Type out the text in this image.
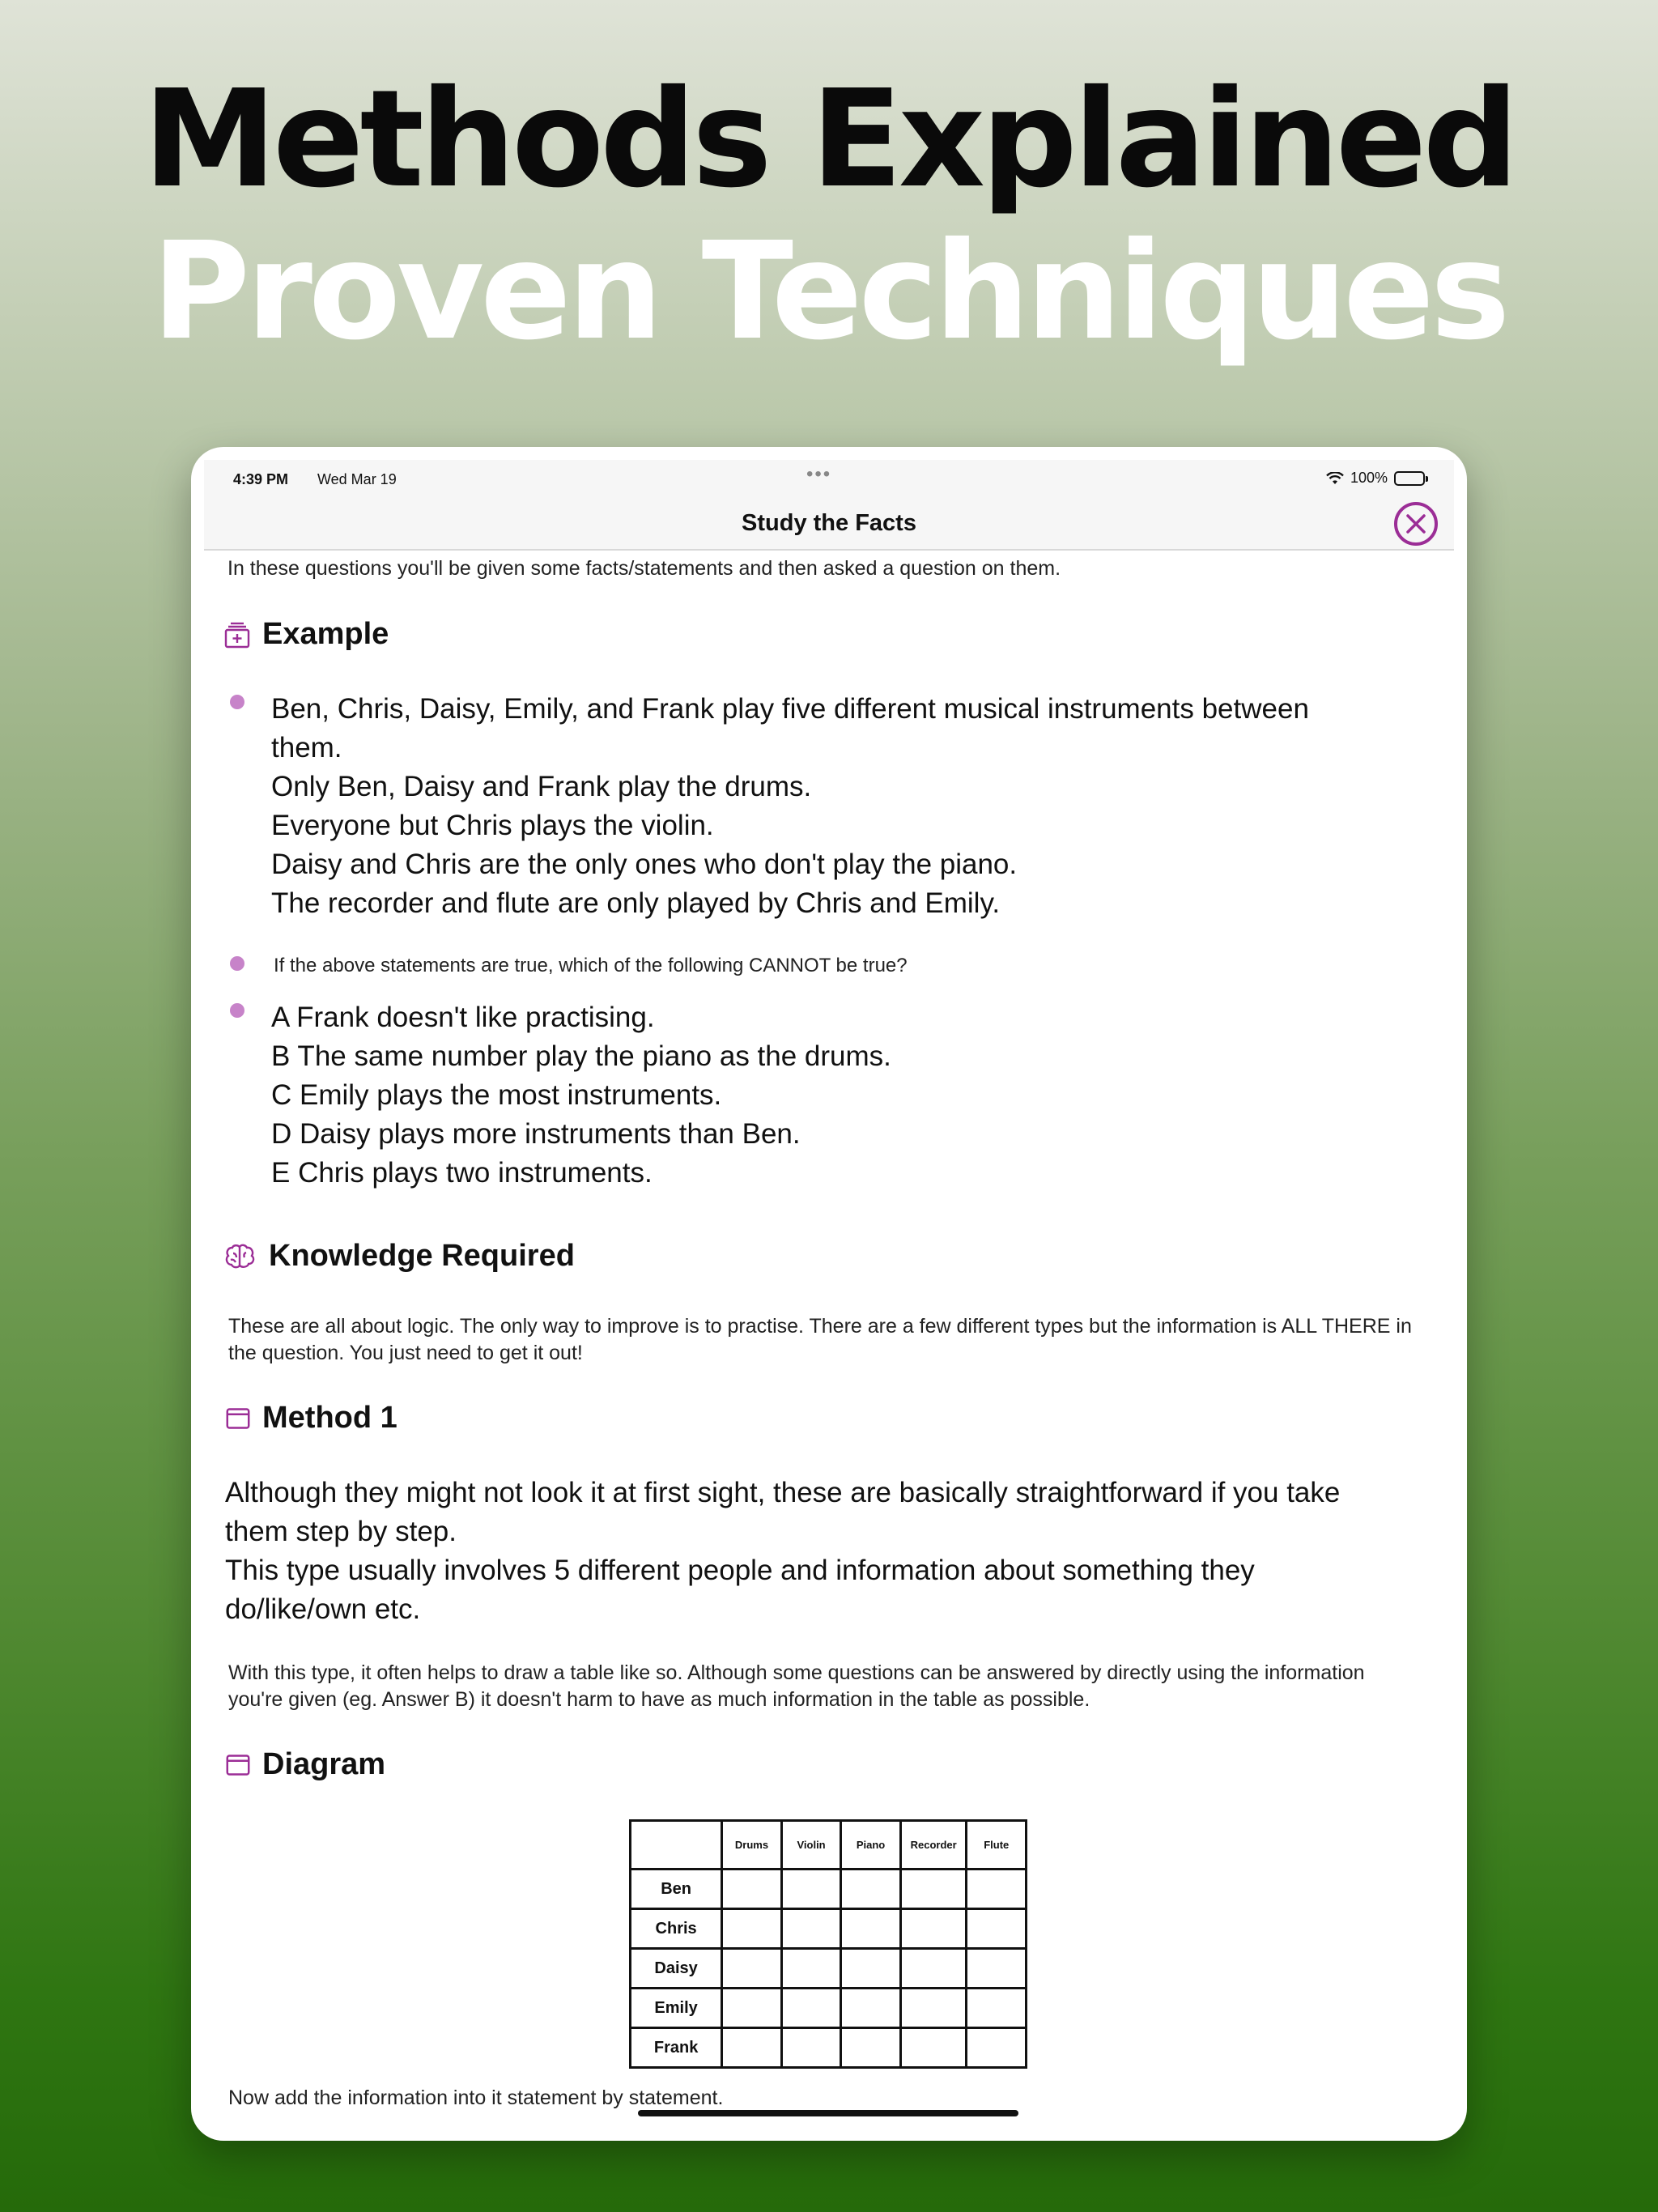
Methods Explained
Proven Techniques
4:39 PM Wed Mar 19	•••	100%
Study the Facts
In these questions you'll be given some facts/statements and then asked a question on them.
Example
Ben, Chris, Daisy, Emily, and Frank play five different musical instruments between
them.
Only Ben, Daisy and Frank play the drums.
Everyone but Chris plays the violin.
Daisy and Chris are the only ones who don't play the piano.
The recorder and flute are only played by Chris and Emily.
If the above statements are true, which of the following CANNOT be true?
A Frank doesn't like practising.
B The same number play the piano as the drums.
C Emily plays the most instruments.
D Daisy plays more instruments than Ben.
E Chris plays two instruments.
Knowledge Required
These are all about logic. The only way to improve is to practise. There are a few different types but the information is ALL THERE in
the question. You just need to get it out!
Method 1
Although they might not look it at first sight, these are basically straightforward if you take
them step by step.
This type usually involves 5 different people and information about something they
do/like/own etc.
With this type, it often helps to draw a table like so. Although some questions can be answered by directly using the information
you're given (eg. Answer B) it doesn't harm to have as much information in the table as possible.
Diagram
	Drums	Violin	Piano	Recorder	Flute
Ben					
Chris					
Daisy					
Emily					
Frank					
Now add the information into it statement by statement.
